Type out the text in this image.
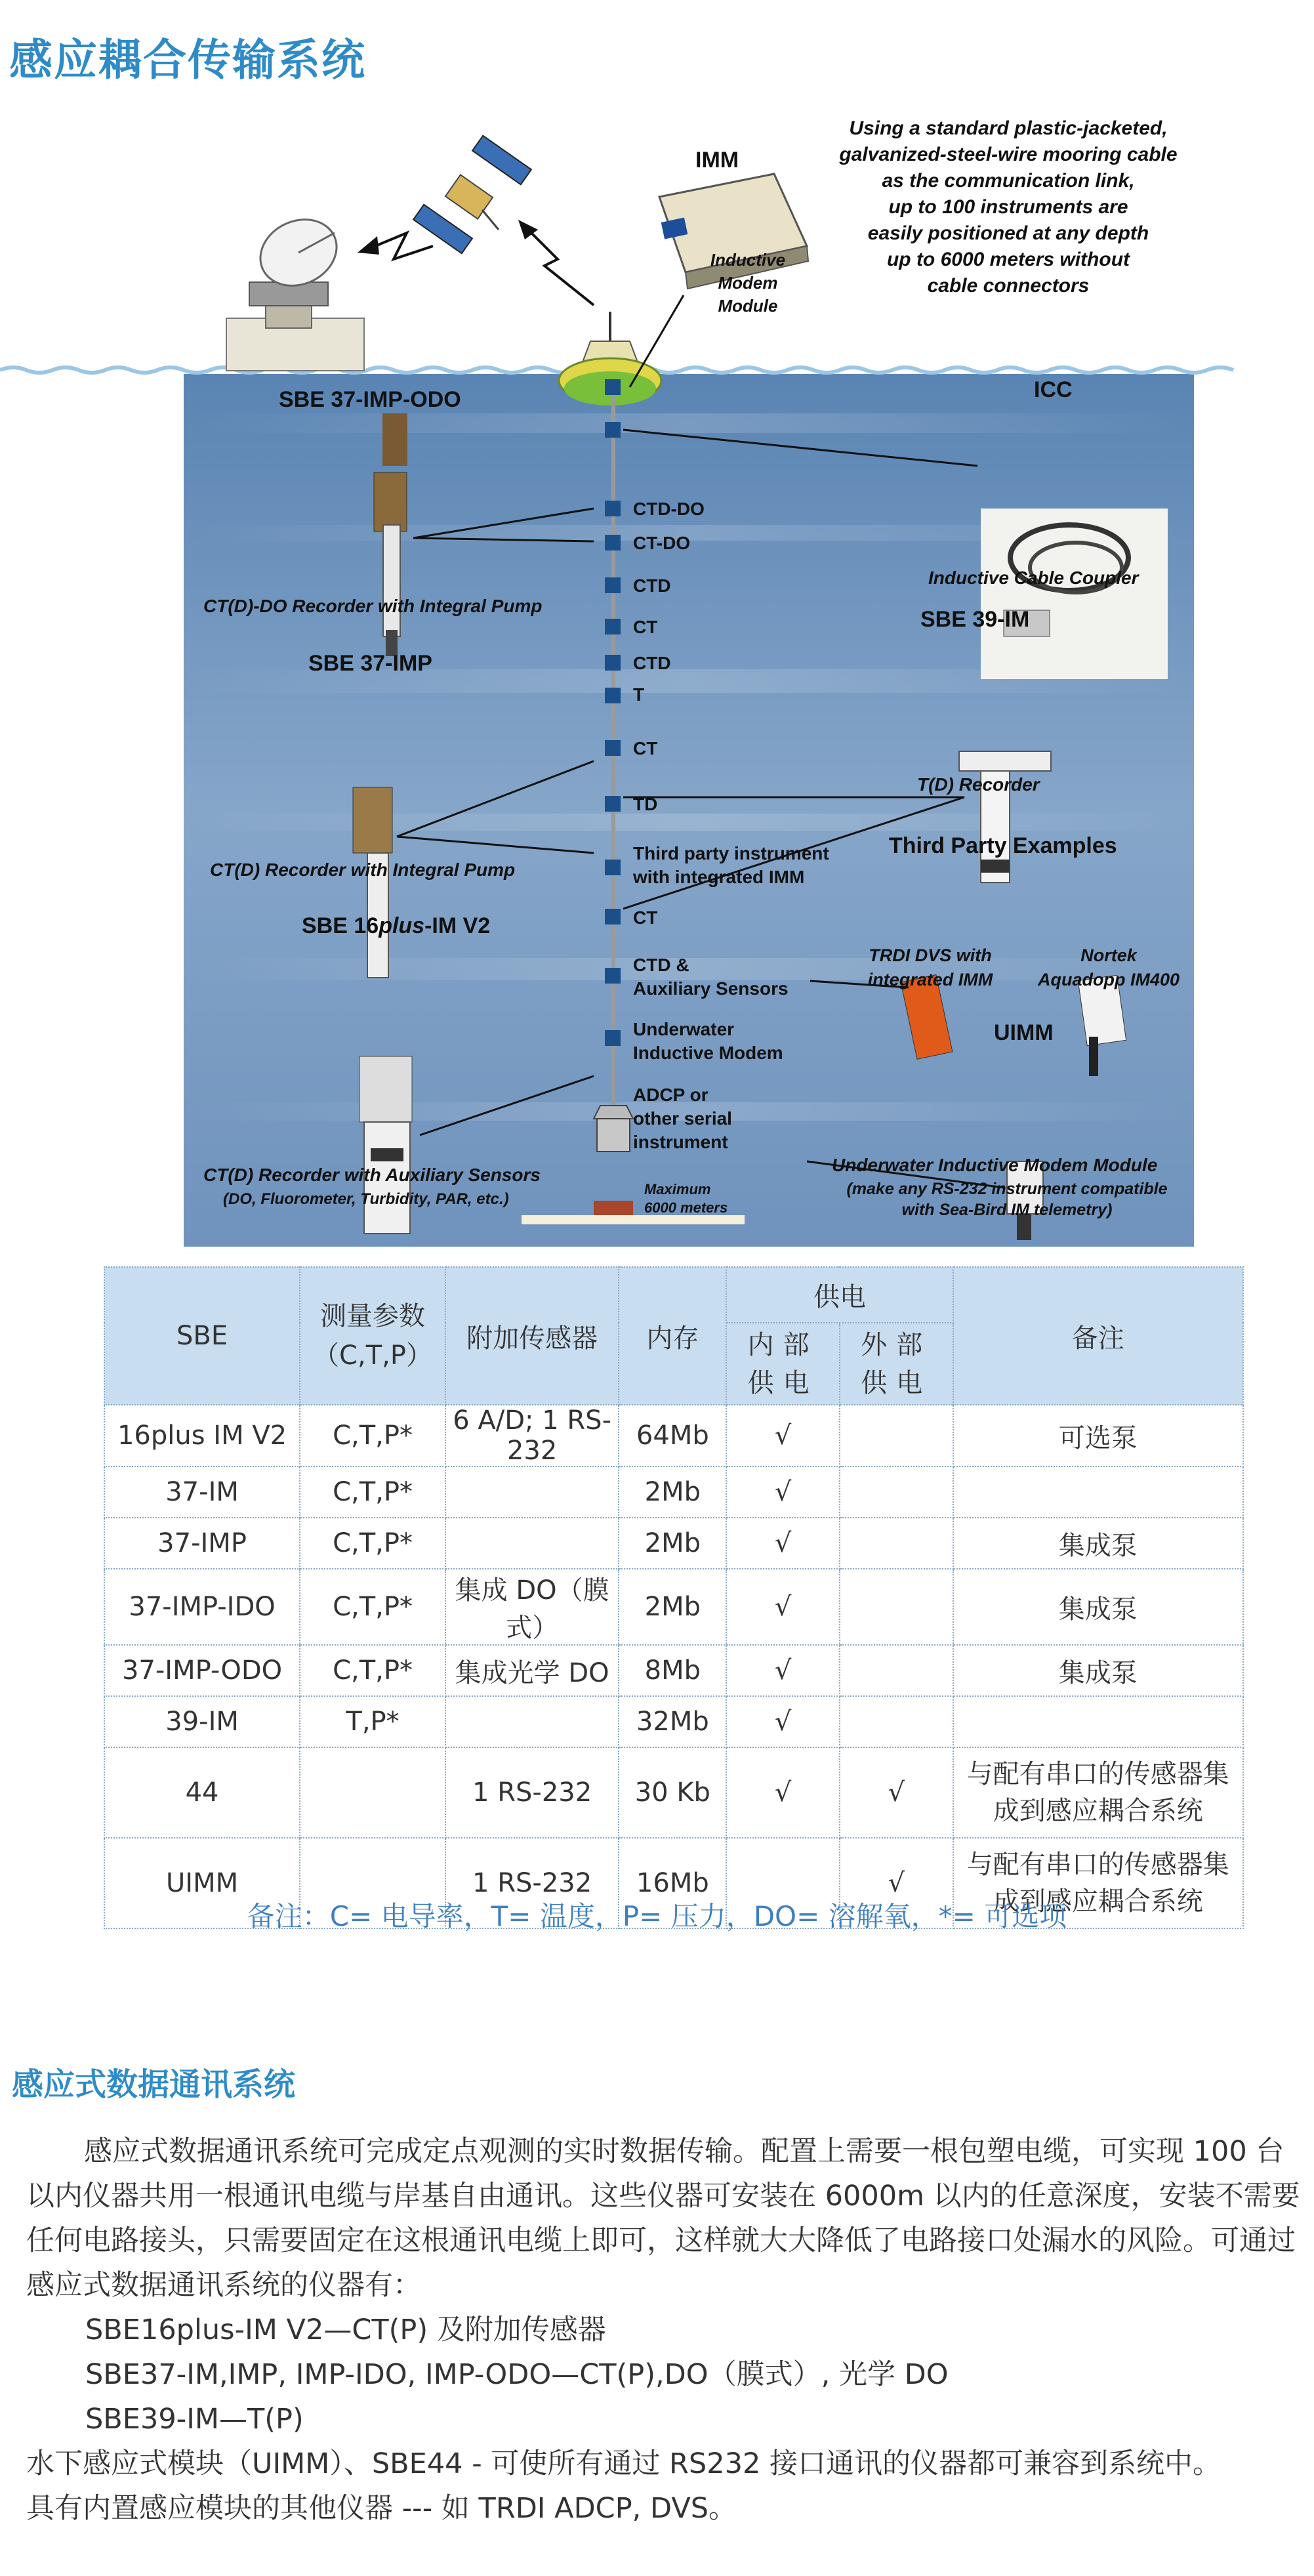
感应耦合传输系统
Using a standard plastic-jacketed,
galvanized-steel-wire mooring cable
as the communication link,
up to 100 instruments are
easily positioned at any depth
up to 6000 meters without
cable connectors
IMM
Inductive
Modem
Module
SBE 37-IMP-ODO
CT(D)-DO Recorder with Integral Pump
SBE 37-IMP
CT(D) Recorder with Integral Pump
SBE 16plus-IM V2
CT(D) Recorder with Auxiliary Sensors
(DO, Fluorometer, Turbidity, PAR, etc.)
ICC
Inductive Cable Coupler
SBE 39-IM
T(D) Recorder
Third Party Examples
TRDI DVS with
integrated IMM
Nortek
Aquadopp IM400
UIMM
Underwater Inductive Modem Module
(make any RS-232 instrument compatible
with Sea-Bird IM telemetry)
CTD-DO
CT-DO
CTD
CT
CTD
T
CT
TD
Third party instrument
with integrated IMM
CT
CTD &
Auxiliary Sensors
Underwater
Inductive Modem
ADCP or
other serial
instrument
Maximum
6000 meters
SBE	测量参数（C,T,P）	附加传感器	内存	供电		备注
				内部供电	外部供电	
16plus IM V2	C,T,P*	6 A/D; 1 RS-232	64Mb	√		可选泵
37-IM	C,T,P*		2Mb	√		
37-IMP	C,T,P*		2Mb	√		集成泵
37-IMP-IDO	C,T,P*	集成 DO（膜式）	2Mb	√		集成泵
37-IMP-ODO	C,T,P*	集成光学 DO	8Mb	√		集成泵
39-IM	T,P*		32Mb	√		
44		1 RS-232	30 Kb	√	√	与配有串口的传感器集成到感应耦合系统
UIMM		1 RS-232	16Mb		√	与配有串口的传感器集成到感应耦合系统
备注：C= 电导率，T= 温度，P= 压力，DO= 溶解氧，*= 可选项
感应式数据通讯系统

感应式数据通讯系统可完成定点观测的实时数据传输。配置上需要一根包塑电缆，可实现 100 台以内仪器共用一根通讯电缆与岸基自由通讯。这些仪器可安装在 6000m 以内的任意深度，安装不需要任何电路接头，只需要固定在这根通讯电缆上即可，这样就大大降低了电路接口处漏水的风险。可通过感应式数据通讯系统的仪器有：

SBE16plus-IM V2—CT(P) 及附加传感器

SBE37-IM,IMP, IMP-IDO, IMP-ODO—CT(P),DO（膜式）, 光学 DO

SBE39-IM—T(P)

水下感应式模块（UIMM）、SBE44 - 可使所有通过 RS232 接口通讯的仪器都可兼容到系统中。

具有内置感应模块的其他仪器 --- 如 TRDI ADCP, DVS。
